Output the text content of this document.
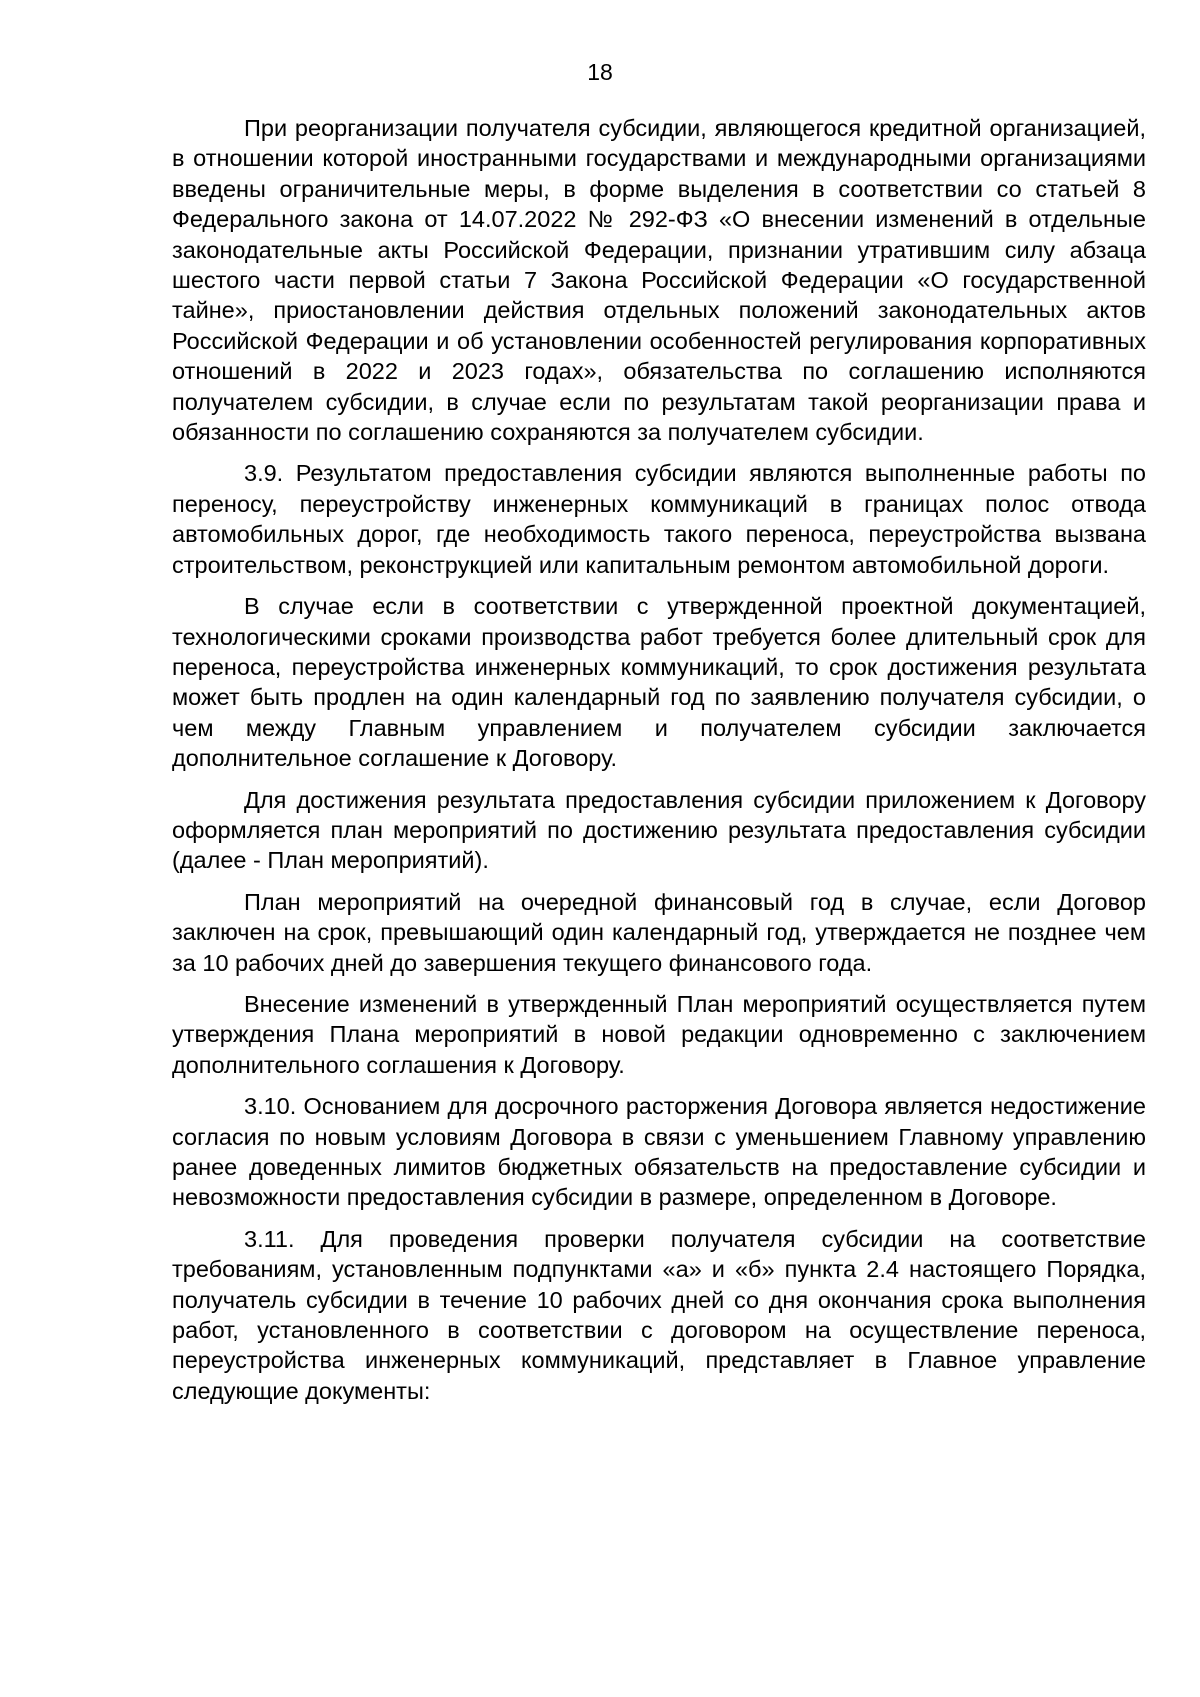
18

При реорганизации получателя субсидии, являющегося кредитной организацией, в отношении которой иностранными государствами и международными организациями введены ограничительные меры, в форме выделения в соответствии со статьей 8 Федерального закона от 14.07.2022 № 292-ФЗ «О внесении изменений в отдельные законодательные акты Российской Федерации, признании утратившим силу абзаца шестого части первой статьи 7 Закона Российской Федерации «О государственной тайне», приостановлении действия отдельных положений законодательных актов Российской Федерации и об установлении особенностей регулирования корпоративных отношений в 2022 и 2023 годах», обязательства по соглашению исполняются получателем субсидии, в случае если по результатам такой реорганизации права и обязанности по соглашению сохраняются за получателем субсидии.

3.9. Результатом предоставления субсидии являются выполненные работы по переносу, переустройству инженерных коммуникаций в границах полос отвода автомобильных дорог, где необходимость такого переноса, переустройства вызвана строительством, реконструкцией или капитальным ремонтом автомобильной дороги.

В случае если в соответствии с утвержденной проектной документацией, технологическими сроками производства работ требуется более длительный срок для переноса, переустройства инженерных коммуникаций, то срок достижения результата может быть продлен на один календарный год по заявлению получателя субсидии, о чем между Главным управлением и получателем субсидии заключается дополнительное соглашение к Договору.

Для достижения результата предоставления субсидии приложением к Договору оформляется план мероприятий по достижению результата предоставления субсидии (далее - План мероприятий).

План мероприятий на очередной финансовый год в случае, если Договор заключен на срок, превышающий один календарный год, утверждается не позднее чем за 10 рабочих дней до завершения текущего финансового года.

Внесение изменений в утвержденный План мероприятий осуществляется путем утверждения Плана мероприятий в новой редакции одновременно с заключением дополнительного соглашения к Договору.

3.10. Основанием для досрочного расторжения Договора является недостижение согласия по новым условиям Договора в связи с уменьшением Главному управлению ранее доведенных лимитов бюджетных обязательств на предоставление субсидии и невозможности предоставления субсидии в размере, определенном в Договоре.

3.11. Для проведения проверки получателя субсидии на соответствие требованиям, установленным подпунктами «а» и «б» пункта 2.4 настоящего Порядка, получатель субсидии в течение 10 рабочих дней со дня окончания срока выполнения работ, установленного в соответствии с договором на осуществление переноса, переустройства инженерных коммуникаций, представляет в Главное управление следующие документы:
